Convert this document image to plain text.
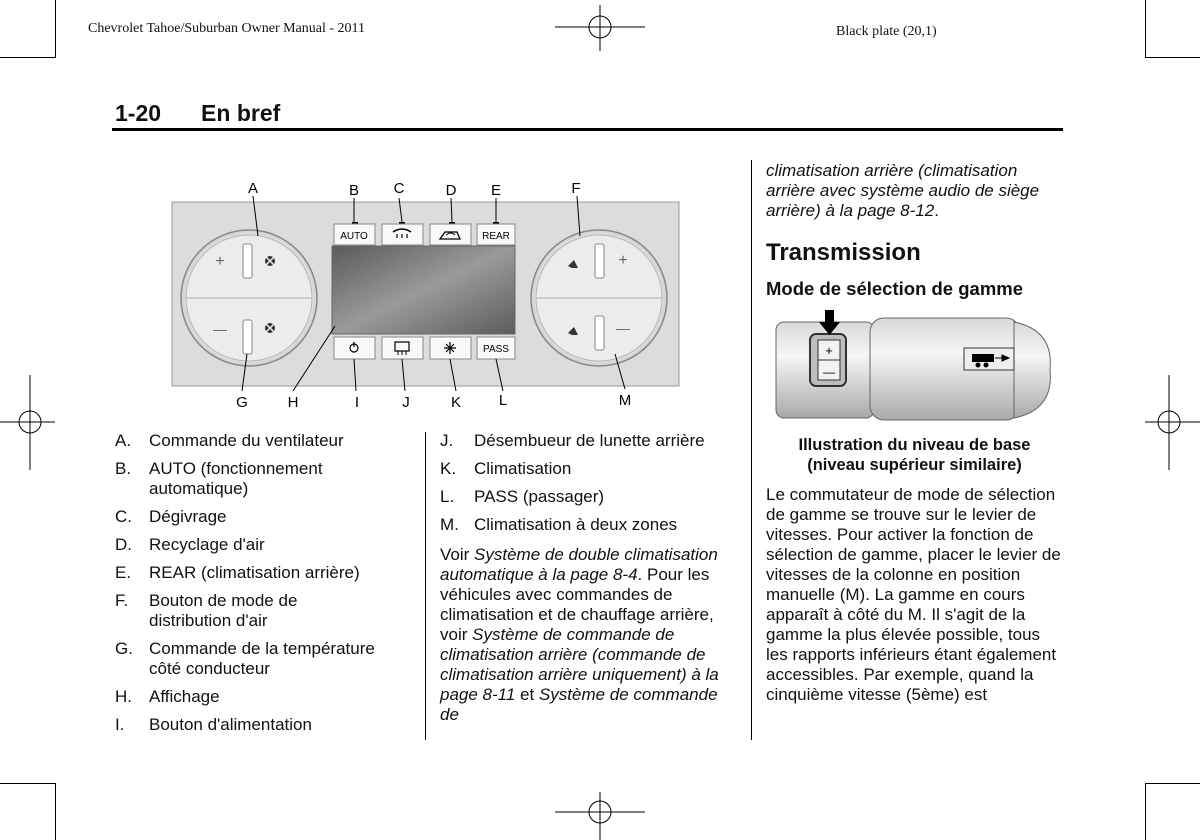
Chevrolet Tahoe/Suburban Owner Manual - 2011	Black plate (20,1)
1-20 En bref
+
—
+
—
AUTO	REAR
PASS
A	B C	D E	F
G	H	I	J	K	L	M
A.	Commande du ventilateur
B.	AUTO (fonctionnement automatique)
C.	Dégivrage
D.	Recyclage d'air
E.	REAR (climatisation arrière)
F.	Bouton de mode de distribution d'air
G. Commande de la température côté conducteur
H.	Affichage
I.	Bouton d'alimentation
J.	Désembueur de lunette arrière
K.	Climatisation
L.	PASS (passager)
M. Climatisation à deux zones
Voir Système de double climatisation automatique à la page 8-4. Pour les véhicules avec commandes de climatisation et de chauffage arrière, voir Système de commande de climatisation arrière (commande de climatisation arrière uniquement) à la page 8-11 et Système de commande de
climatisation arrière (climatisation arrière avec système audio de siège arrière) à la page 8-12.
Transmission
Mode de sélection de gamme
+
—
Illustration du niveau de base
(niveau supérieur similaire)
Le commutateur de mode de sélection de gamme se trouve sur le levier de vitesses. Pour activer la fonction de sélection de gamme, placer le levier de vitesses de la colonne en position manuelle (M). La gamme en cours apparaît à côté du M. Il s'agit de la gamme la plus élevée possible, tous les rapports inférieurs étant également accessibles. Par exemple, quand la cinquième vitesse (5ème) est
